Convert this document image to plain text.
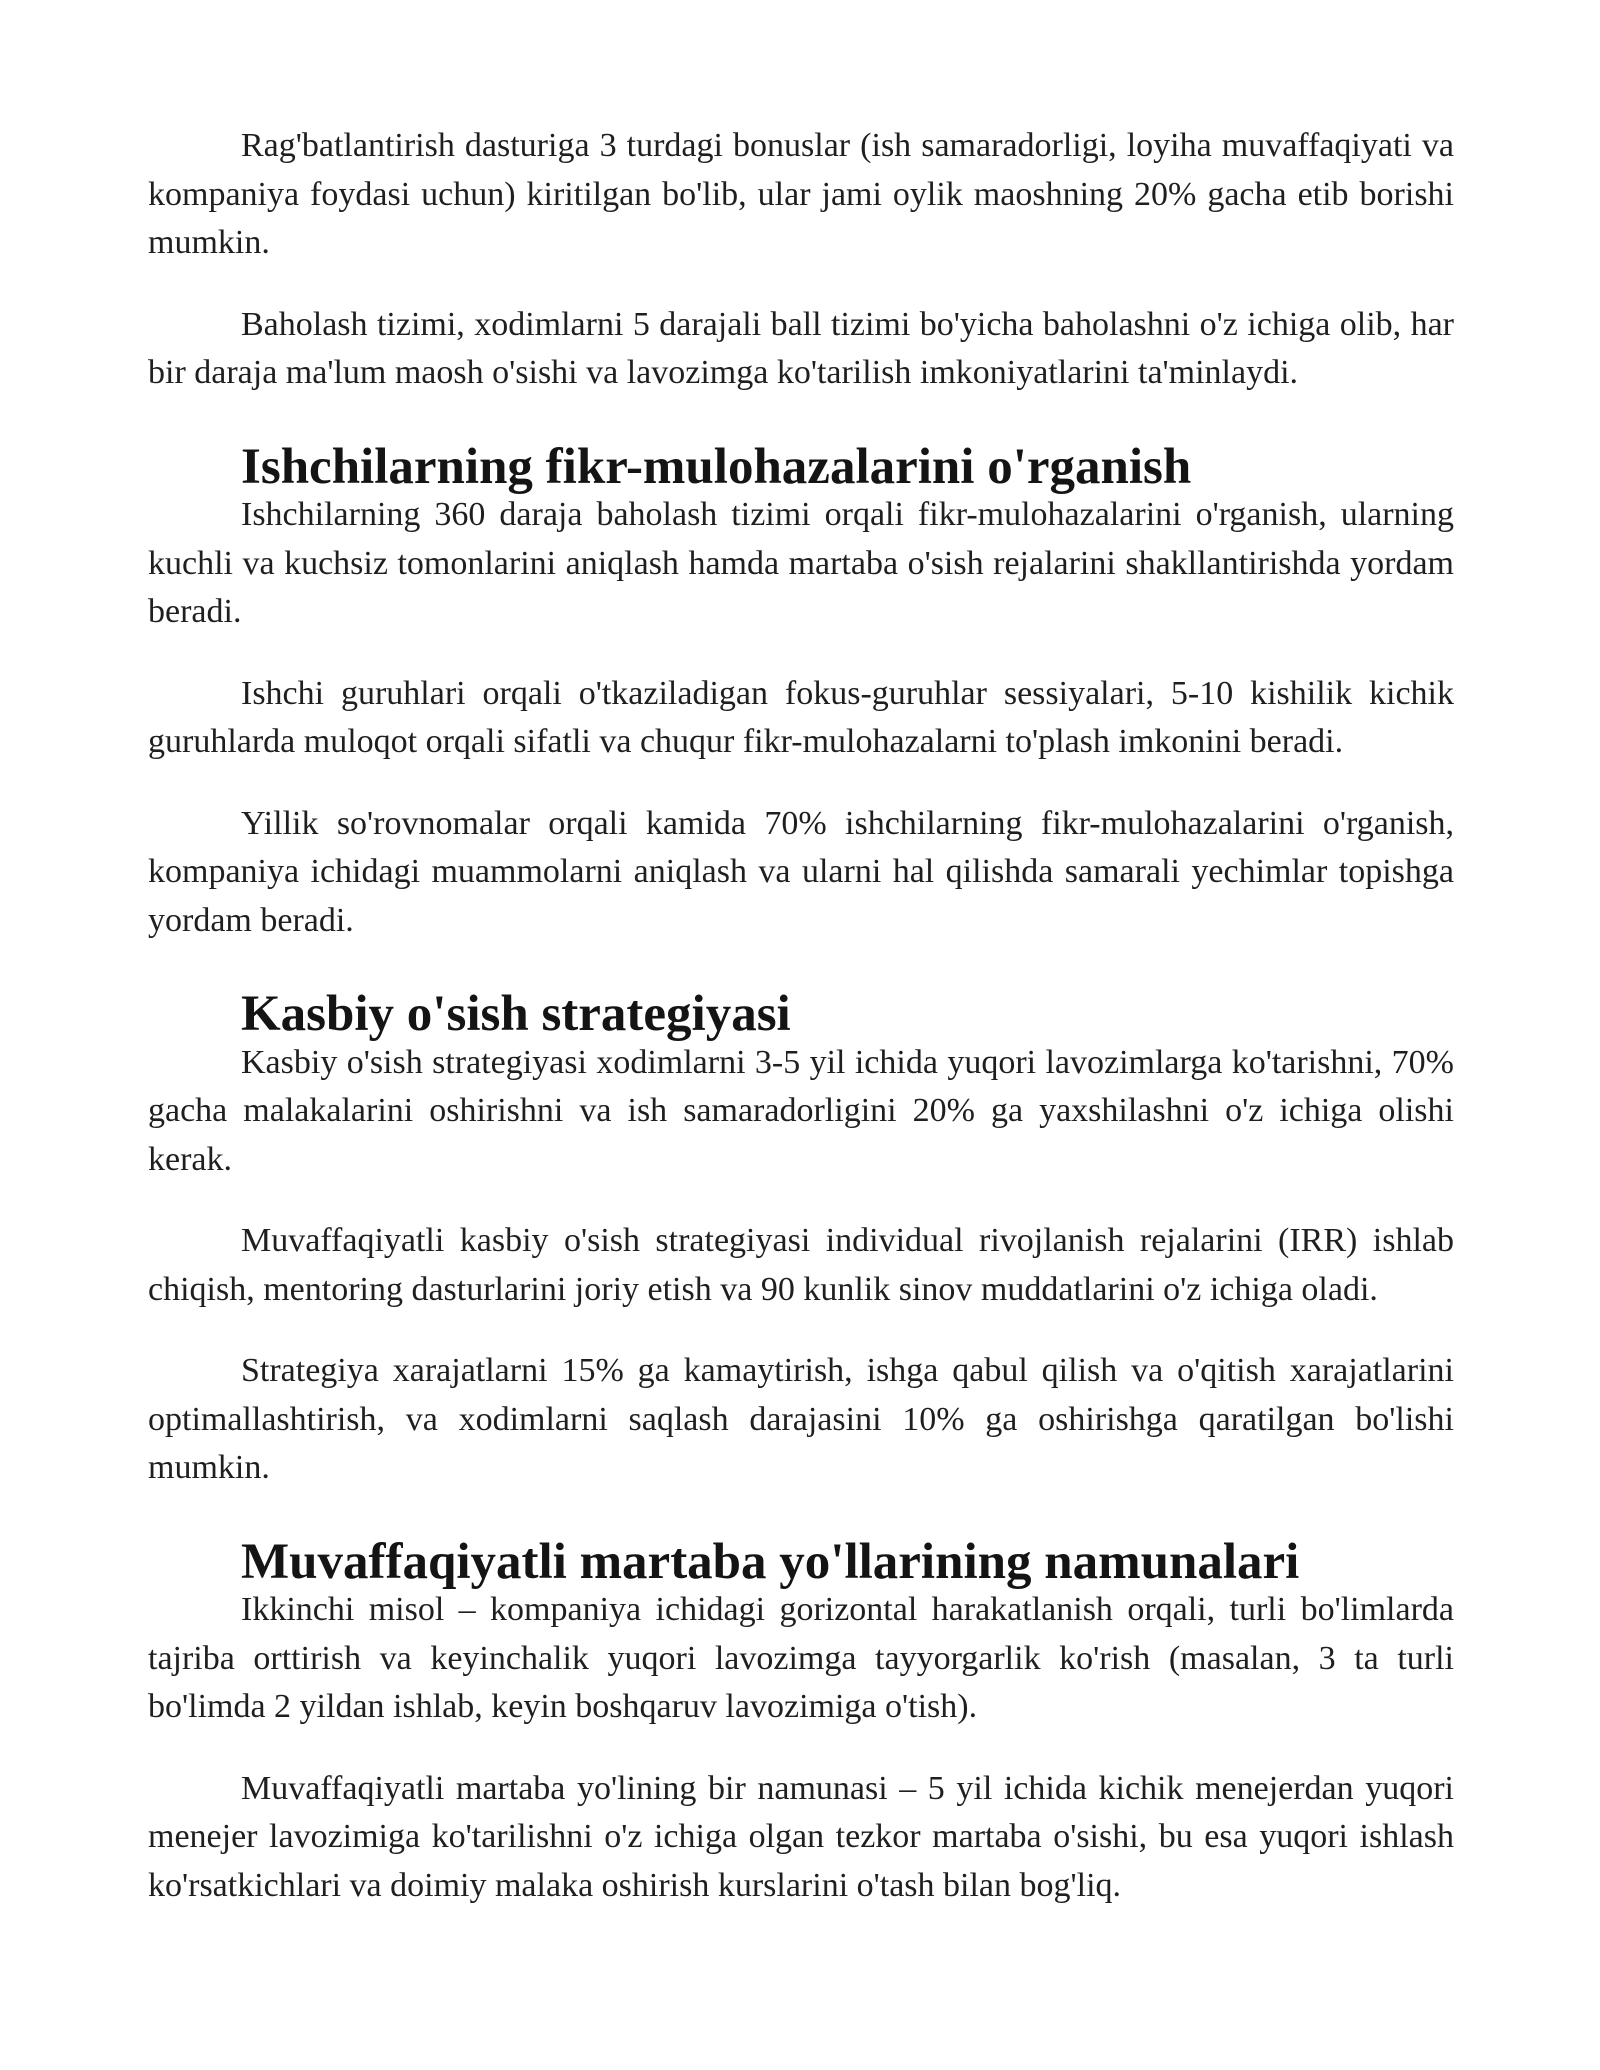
Rag'batlantirish dasturiga 3 turdagi bonuslar (ish samaradorligi, loyiha muvaffaqiyati va kompaniya foydasi uchun) kiritilgan bo'lib, ular jami oylik maoshning 20% gacha etib borishi mumkin.

Baholash tizimi, xodimlarni 5 darajali ball tizimi bo'yicha baholashni o'z ichiga olib, har bir daraja ma'lum maosh o'sishi va lavozimga ko'tarilish imkoniyatlarini ta'minlaydi.

Ishchilarning fikr-mulohazalarini o'rganish

Ishchilarning 360 daraja baholash tizimi orqali fikr-mulohazalarini o'rganish, ularning kuchli va kuchsiz tomonlarini aniqlash hamda martaba o'sish rejalarini shakllantirishda yordam beradi.

Ishchi guruhlari orqali o'tkaziladigan fokus-guruhlar sessiyalari, 5-10 kishilik kichik guruhlarda muloqot orqali sifatli va chuqur fikr-mulohazalarni to'plash imkonini beradi.

Yillik so'rovnomalar orqali kamida 70% ishchilarning fikr-mulohazalarini o'rganish, kompaniya ichidagi muammolarni aniqlash va ularni hal qilishda samarali yechimlar topishga yordam beradi.

Kasbiy o'sish strategiyasi

Kasbiy o'sish strategiyasi xodimlarni 3-5 yil ichida yuqori lavozimlarga ko'tarishni, 70% gacha malakalarini oshirishni va ish samaradorligini 20% ga yaxshilashni o'z ichiga olishi kerak.

Muvaffaqiyatli kasbiy o'sish strategiyasi individual rivojlanish rejalarini (IRR) ishlab chiqish, mentoring dasturlarini joriy etish va 90 kunlik sinov muddatlarini o'z ichiga oladi.

Strategiya xarajatlarni 15% ga kamaytirish, ishga qabul qilish va o'qitish xarajatlarini optimallashtirish, va xodimlarni saqlash darajasini 10% ga oshirishga qaratilgan bo'lishi mumkin.

Muvaffaqiyatli martaba yo'llarining namunalari

Ikkinchi misol – kompaniya ichidagi gorizontal harakatlanish orqali, turli bo'limlarda tajriba orttirish va keyinchalik yuqori lavozimga tayyorgarlik ko'rish (masalan, 3 ta turli bo'limda 2 yildan ishlab, keyin boshqaruv lavozimiga o'tish).

Muvaffaqiyatli martaba yo'lining bir namunasi – 5 yil ichida kichik menejerdan yuqori menejer lavozimiga ko'tarilishni o'z ichiga olgan tezkor martaba o'sishi, bu esa yuqori ishlash ko'rsatkichlari va doimiy malaka oshirish kurslarini o'tash bilan bog'liq.
